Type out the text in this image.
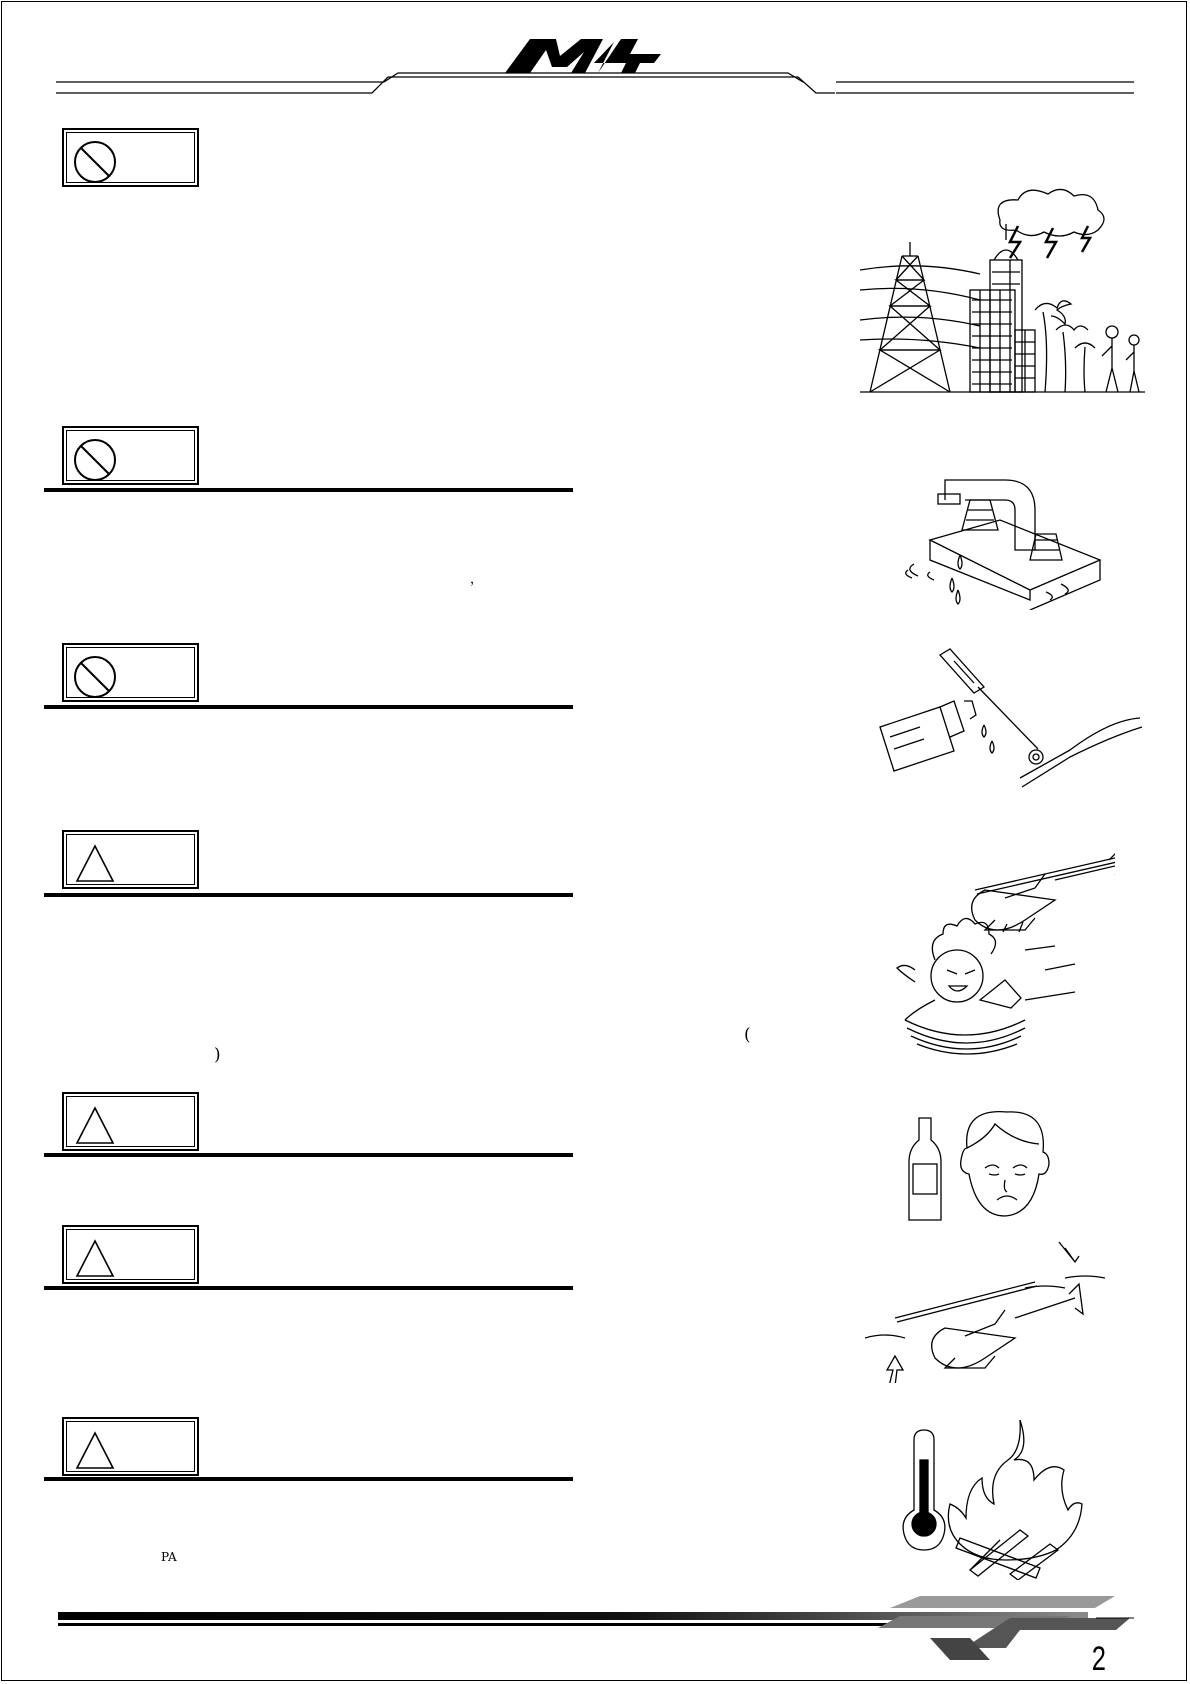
M4
，
(
)
PA
2
